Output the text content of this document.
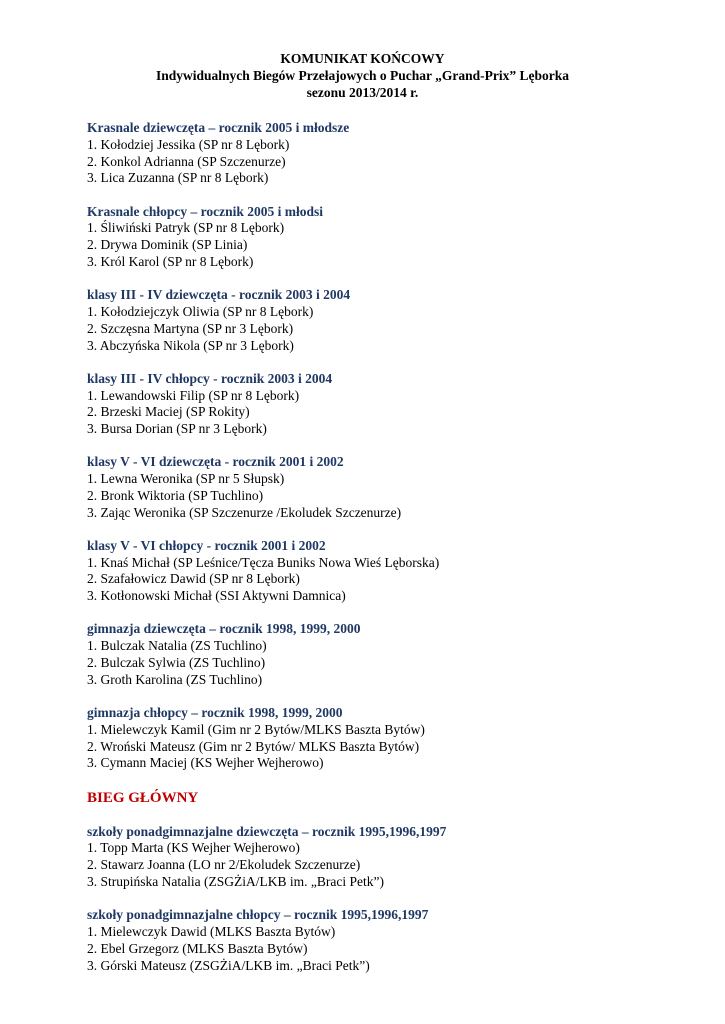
KOMUNIKAT KOŃCOWY
Indywidualnych Biegów Przełajowych o Puchar „Grand-Prix” Lęborka
sezonu 2013/2014 r.
Krasnale dziewczęta – rocznik 2005 i młodsze
1. Kołodziej Jessika (SP nr 8 Lębork)
2. Konkol Adrianna (SP Szczenurze)
3. Lica Zuzanna (SP nr 8 Lębork)
Krasnale chłopcy – rocznik 2005 i młodsi
1. Śliwiński Patryk (SP nr 8 Lębork)
2. Drywa Dominik (SP Linia)
3. Król Karol (SP nr 8 Lębork)
klasy III - IV dziewczęta - rocznik 2003 i 2004
1. Kołodziejczyk Oliwia (SP nr 8 Lębork)
2. Szczęsna Martyna (SP nr 3 Lębork)
3. Abczyńska Nikola (SP nr 3 Lębork)
klasy III - IV chłopcy - rocznik 2003 i 2004
1. Lewandowski Filip (SP nr 8 Lębork)
2. Brzeski Maciej (SP Rokity)
3. Bursa Dorian (SP nr 3 Lębork)
klasy V - VI dziewczęta - rocznik 2001 i 2002
1. Lewna Weronika (SP nr 5 Słupsk)
2. Bronk Wiktoria (SP Tuchlino)
3. Zając Weronika (SP Szczenurze /Ekoludek Szczenurze)
klasy V - VI chłopcy - rocznik 2001 i 2002
1. Knaś Michał (SP Leśnice/Tęcza Buniks Nowa Wieś Lęborska)
2. Szafałowicz Dawid (SP nr 8 Lębork)
3. Kotłonowski Michał (SSI Aktywni Damnica)
gimnazja dziewczęta – rocznik 1998, 1999, 2000
1. Bulczak Natalia (ZS Tuchlino)
2. Bulczak Sylwia (ZS Tuchlino)
3. Groth Karolina (ZS Tuchlino)
gimnazja chłopcy – rocznik 1998, 1999, 2000
1. Mielewczyk Kamil (Gim nr 2 Bytów/MLKS Baszta Bytów)
2. Wroński Mateusz (Gim nr 2 Bytów/ MLKS Baszta Bytów)
3. Cymann Maciej (KS Wejher Wejherowo)
BIEG GŁÓWNY
szkoły ponadgimnazjalne dziewczęta – rocznik 1995,1996,1997
1. Topp Marta (KS Wejher Wejherowo)
2. Stawarz Joanna (LO nr 2/Ekoludek Szczenurze)
3. Strupińska Natalia (ZSGŻiA/LKB im. „Braci Petk”)
szkoły ponadgimnazjalne chłopcy – rocznik 1995,1996,1997
1. Mielewczyk Dawid (MLKS Baszta Bytów)
2. Ebel Grzegorz (MLKS Baszta Bytów)
3. Górski Mateusz (ZSGŻiA/LKB im. „Braci Petk”)
